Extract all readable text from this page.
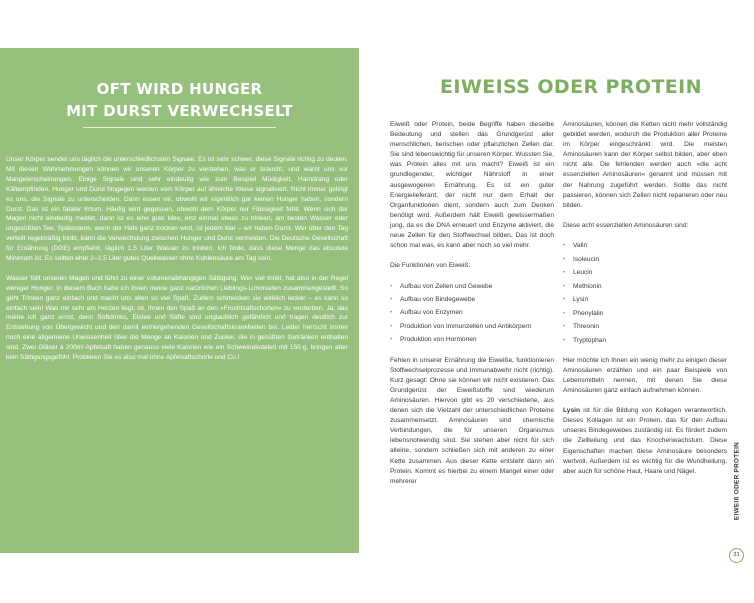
OFT WIRD HUNGER
MIT DURST VERWECHSELT

Unser Körper sendet uns täglich die unterschiedlichsten Signale. Es ist sehr schwer, diese Signale richtig zu deuten. Mit diesen Wahrnehmungen können wir unseren Körper zu verstehen, was er braucht, und warnt uns vor Mangelerscheinungen. Einige Signale sind sehr eindeutig wie zum Beispiel Müdigkeit, Harndrang oder Kältempfinden. Hunger und Durst hingegen werden vom Körper auf ähnliche Weise signalisiert. Nicht immer gelingt es uns, die Signale zu unterscheiden. Dann essen wir, obwohl wir eigentlich gar keinen Hunger haben, sondern Durst. Das ist ein fataler Irrtum. Häufig wird gegessen, obwohl dem Körper nur Flüssigkeit fehlt. Wenn sich der Magen nicht eindeutig meldet, dann ist es eine gute Idee, erst einmal etwas zu trinken, am besten Wasser oder ungesüßten Tee. Spätestens, wenn der Hals ganz trocken wird, ist jedem klar – wir haben Durst. Wer über den Tag verteilt regelmäßig trinkt, kann die Verwechslung zwischen Hunger und Durst vermeiden. Die Deutsche Gesellschaft für Ernährung (DGE) empfiehlt, täglich 1,5 Liter Wasser zu trinken. Ich finde, dass diese Menge das absolute Minimum ist. Es sollten eher 2–2,5 Liter gutes Quellwasser ohne Kohlensäure am Tag sein.

Wasser füllt unseren Magen und führt zu einer volumenabhängigen Sättigung. Wer viel trinkt, hat also in der Regel weniger Hunger. In diesem Buch habe ich Ihnen meine ganz natürlichen Lieblings-Limonaden zusammengestellt. So geht Trinken ganz einfach und macht uns allen so viel Spaß. Zudem schmecken sie wirklich lecker – es kann so einfach sein! Was mir sehr am Herzen liegt, ist, Ihnen den Spaß an den »Fruchtsaftschorlen« zu verderben. Ja, das meine ich ganz ernst, denn Softdrinks, Eistee und Säfte sind unglaublich gefährlich und tragen deutlich zur Entstehung von Übergewicht und den damit einhergehenden Gesellschaftskrankheiten bei. Leider herrscht immer noch eine allgemeine Unwissenheit über die Menge an Kalorien und Zucker, die in gesüßten Getränken enthalten sind. Zwei Gläser à 200ml Apfelsaft haben genauso viele Kalorien wie ein Schweinekotelett mit 150 g, bringen aber kein Sättigungsgefühl. Probieren Sie es also mal ohne Apfelsaftschorle und Co.!

EIWEISS ODER PROTEIN

Eiweiß oder Protein, beide Begriffe haben dieselbe Bedeutung und stellen das Grundgerüst aller menschlichen, tierischen oder pflanzlichen Zellen dar. Sie sind lebenswichtig für unseren Körper. Wussten Sie, was Protein alles mit uns macht? Eiweiß ist ein grundlegender, wichtiger Nährstoff in einer ausgewogenen Ernährung. Es ist ein guter Energielieferant, der nicht nur dem Erhalt der Organfunktionen dient, sondern auch zum Denken benötigt wird. Außerdem hält Eiweiß gewissermaßen jung, da es die DNA erneuert und Enzyme aktiviert, die neue Zellen für den Stoffwechsel bilden. Das ist doch schon mal was, es kann aber noch so viel mehr.

Die Funktionen von Eiweiß:

• Aufbau von Zellen und Gewebe
• Aufbau von Bindegewebe
• Aufbau von Enzymen
• Produktion von Immunzellen und Antikörpern
• Produktion von Hormonen

Fehlen in unserer Ernährung die Eiweiße, funktionieren Stoffwechselprozesse und Immunabwehr nicht (richtig). Kurz gesagt: Ohne sie können wir nicht existieren. Das Grundgerüst der Eiweißstoffe sind wiederum Aminosäuren. Hiervon gibt es 20 verschiedene, aus denen sich die Vielzahl der unterschiedlichen Proteine zusammensetzt. Aminosäuren sind chemische Verbindungen, die für unseren Organismus lebensnotwendig sind. Sie stehen aber nicht für sich alleine, sondern schließen sich mit anderen zu einer Kette zusammen. Aus dieser Kette entsteht dann ein Protein. Kommt es hierbei zu einem Mangel einer oder mehrerer

Aminosäuren, können die Ketten nicht mehr vollständig gebildet werden, wodurch die Produktion aller Proteine im Körper eingeschränkt wird. Die meisten Aminosäuren kann der Körper selbst bilden, aber eben nicht alle. Die fehlenden werden auch »die acht essenziellen Aminosäuren« genannt und müssen mit der Nahrung zugeführt werden. Sollte das nicht passieren, können sich Zellen nicht reparieren oder neu bilden.

Diese acht essenziellen Aminosäuren sind:

• Valin
• Isoleucin
• Leucin
• Methionin
• Lysin
• Phenylalin
• Threonin
• Tryptophan

Hier möchte ich Ihnen ein wenig mehr zu einigen dieser Aminosäuren erzählen und ein paar Beispiele von Lebensmitteln nennen, mit denen Sie diese Aminosäuren ganz einfach aufnehmen können.

Lysin ist für die Bildung von Kollagen verantwortlich. Dieses Kollagen ist ein Protein, das für den Aufbau unseres Bindegewebes zuständig ist. Es fördert zudem die Zellteilung und das Knochenwachstum. Diese Eigenschaften machen diese Aminosäure besonders wertvoll. Außerdem ist es wichtig für die Wundheilung, aber auch für schöne Haut, Haare und Nägel.	EIWEIß ODER PROTEIN
31
